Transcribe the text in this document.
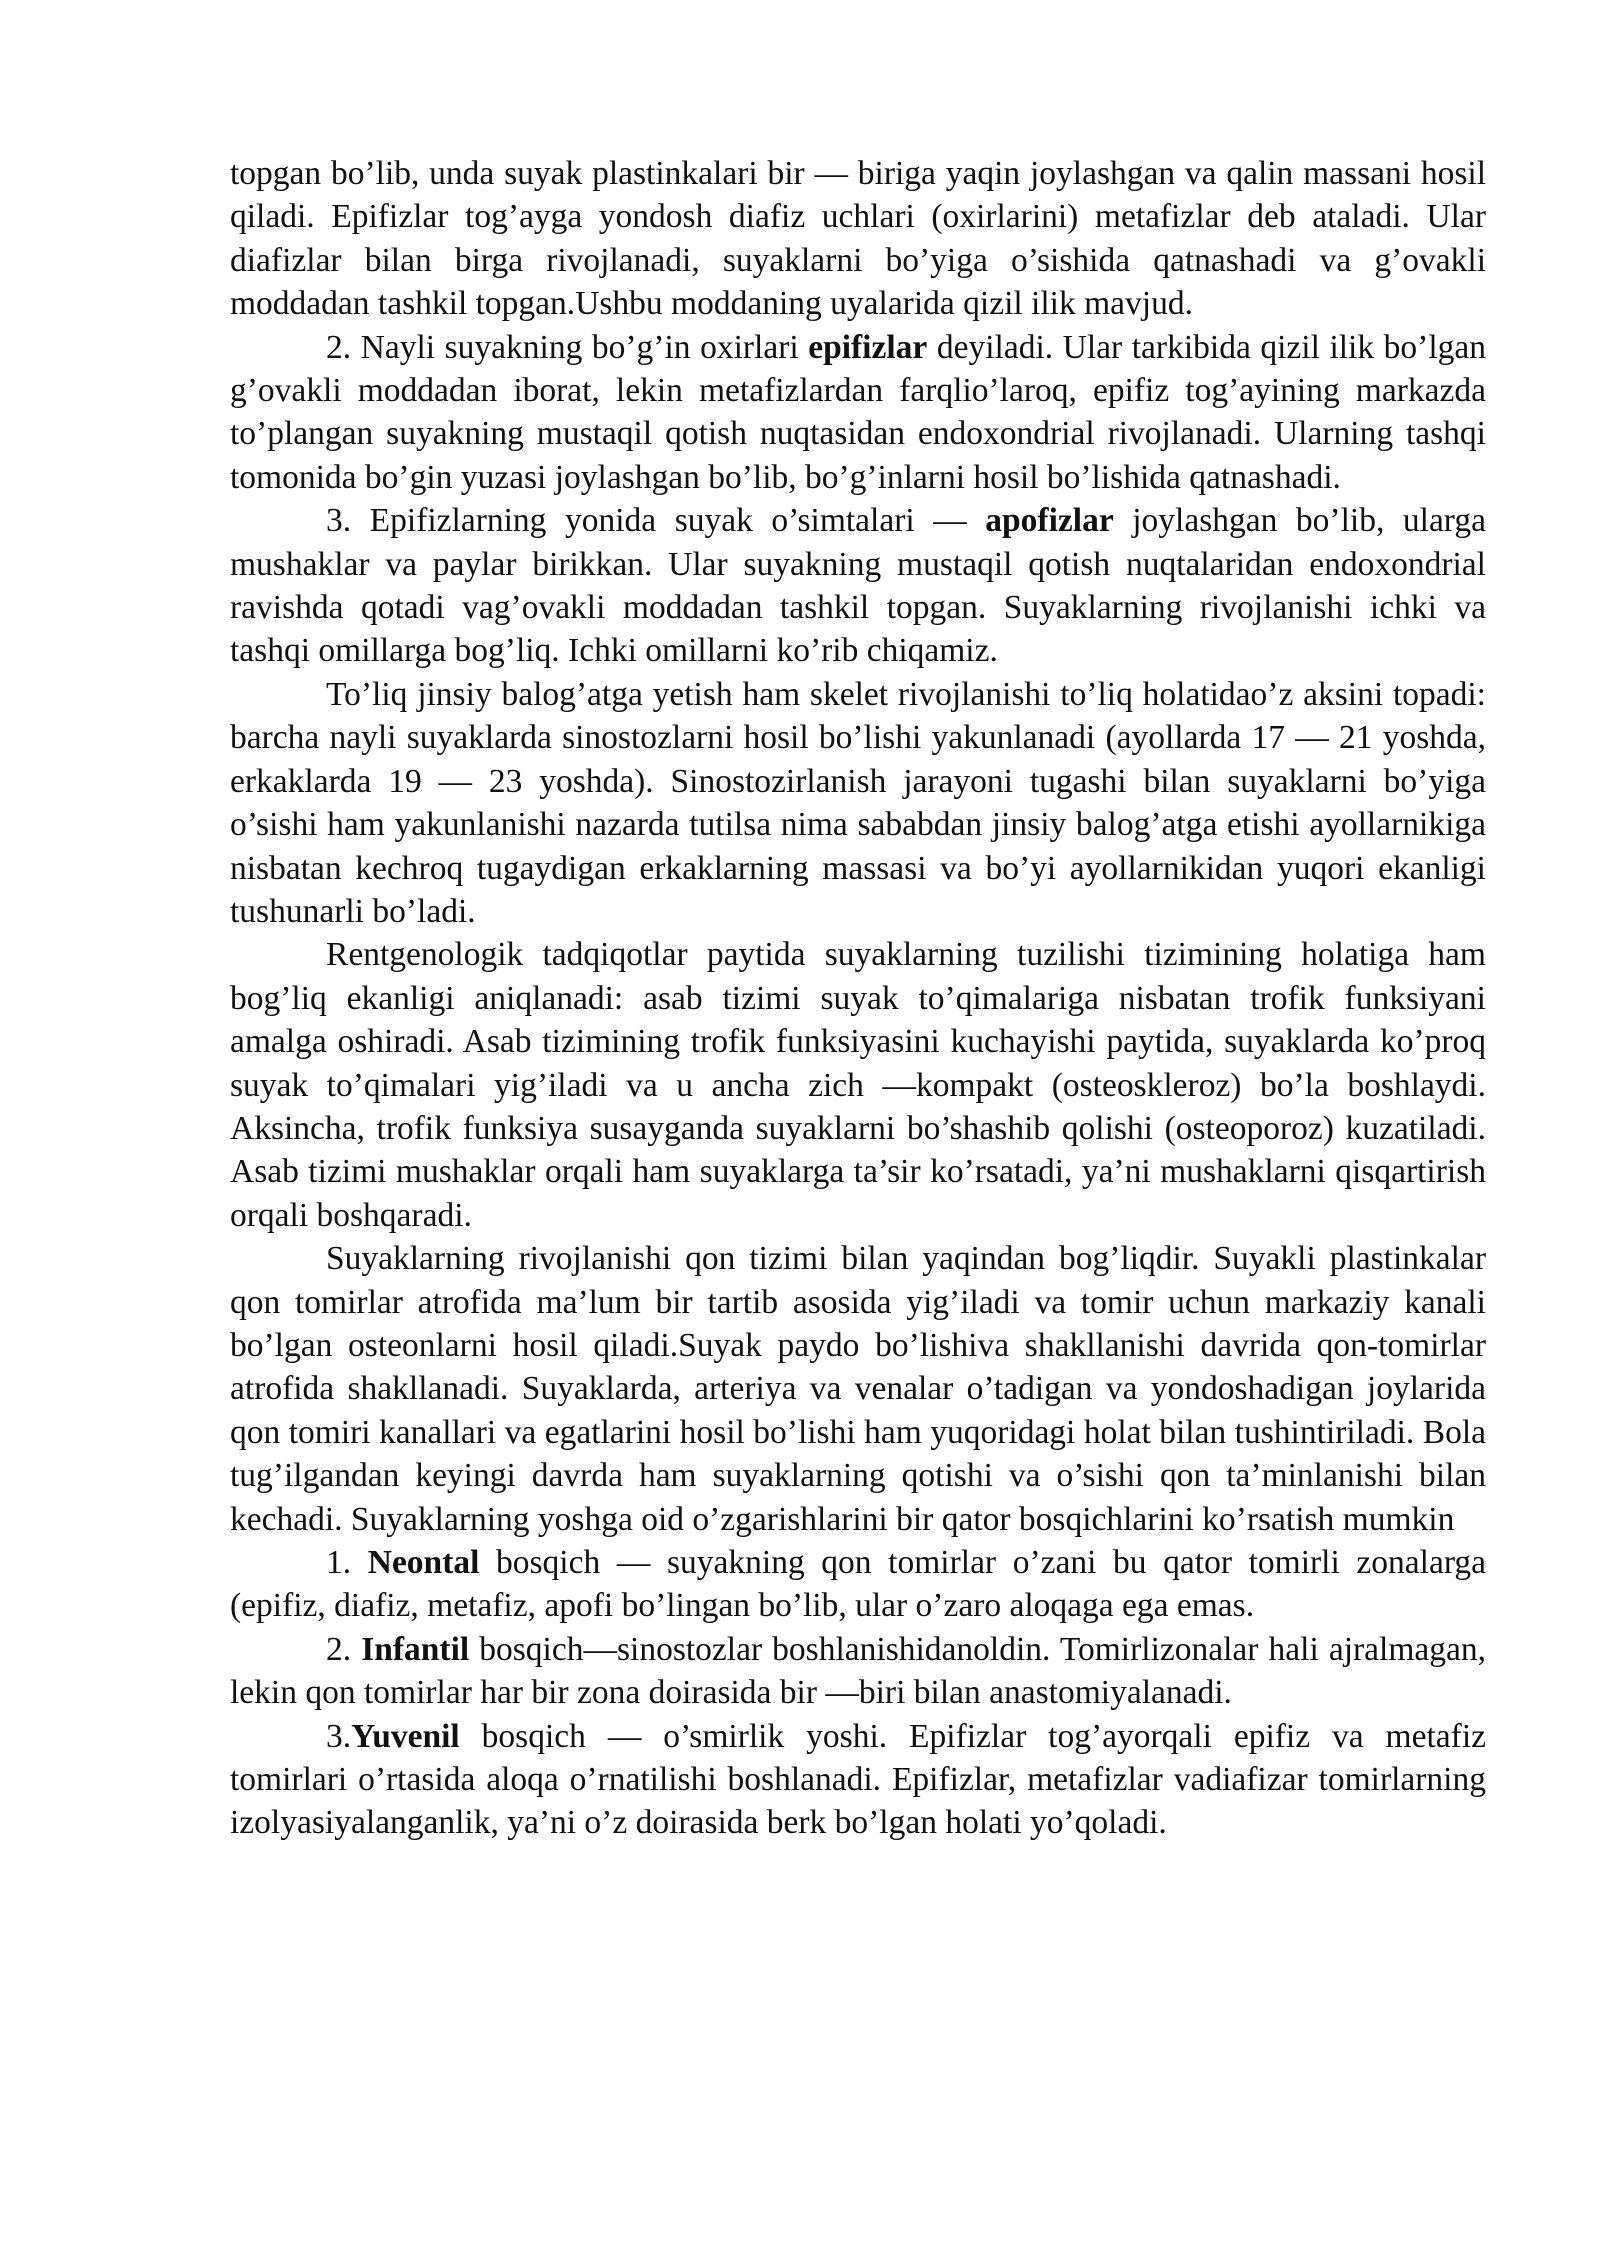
topgan bo’lib, unda suyak plastinkalari bir — biriga yaqin joylashgan va qalin massani hosil qiladi. Epifizlar tog’ayga yondosh diafiz uchlari (oxirlarini) metafizlar deb ataladi. Ular diafizlar bilan birga rivojlanadi, suyaklarni bo’yiga o’sishida qatnashadi va g’ovakli moddadan tashkil topgan.Ushbu moddaning uyalarida qizil ilik mavjud.

2. Nayli suyakning bo’g’in oxirlari epifizlar deyiladi. Ular tarkibida qizil ilik bo’lgan g’ovakli moddadan iborat, lekin metafizlardan farqlio’laroq, epifiz tog’ayining markazda to’plangan suyakning mustaqil qotish nuqtasidan endoxondrial rivojlanadi. Ularning tashqi tomonida bo’gin yuzasi joylashgan bo’lib, bo’g’inlarni hosil bo’lishida qatnashadi.

3. Epifizlarning yonida suyak o’simtalari — apofizlar joylashgan bo’lib, ularga mushaklar va paylar birikkan. Ular suyakning mustaqil qotish nuqtalaridan endoxondrial ravishda qotadi vag’ovakli moddadan tashkil topgan. Suyaklarning rivojlanishi ichki va tashqi omillarga bog’liq. Ichki omillarni ko’rib chiqamiz.

To’liq jinsiy balog’atga yetish ham skelet rivojlanishi to’liq holatidao’z aksini topadi: barcha nayli suyaklarda sinostozlarni hosil bo’lishi yakunlanadi (ayollarda 17 — 21 yoshda, erkaklarda 19 — 23 yoshda). Sinostozirlanish jarayoni tugashi bilan suyaklarni bo’yiga o’sishi ham yakunlanishi nazarda tutilsa nima sababdan jinsiy balog’atga etishi ayollarnikiga nisbatan kechroq tugaydigan erkaklarning massasi va bo’yi ayollarnikidan yuqori ekanligi tushunarli bo’ladi.

Rentgenologik tadqiqotlar paytida suyaklarning tuzilishi tizimining holatiga ham bog’liq ekanligi aniqlanadi: asab tizimi suyak to’qimalariga nisbatan trofik funksiyani amalga oshiradi. Asab tizimining trofik funksiyasini kuchayishi paytida, suyaklarda ko’proq suyak to’qimalari yig’iladi va u ancha zich —kompakt (osteoskleroz) bo’la boshlaydi. Aksincha, trofik funksiya susayganda suyaklarni bo’shashib qolishi (osteoporoz) kuzatiladi. Asab tizimi mushaklar orqali ham suyaklarga ta’sir ko’rsatadi, ya’ni mushaklarni qisqartirish orqali boshqaradi.

Suyaklarning rivojlanishi qon tizimi bilan yaqindan bog’liqdir. Suyakli plastinkalar qon tomirlar atrofida ma’lum bir tartib asosida yig’iladi va tomir uchun markaziy kanali bo’lgan osteonlarni hosil qiladi.Suyak paydo bo’lishiva shakllanishi davrida qon-tomirlar atrofida shakllanadi. Suyaklarda, arteriya va venalar o’tadigan va yondoshadigan joylarida qon tomiri kanallari va egatlarini hosil bo’lishi ham yuqoridagi holat bilan tushintiriladi. Bola tug’ilgandan keyingi davrda ham suyaklarning qotishi va o’sishi qon ta’minlanishi bilan kechadi. Suyaklarning yoshga oid o’zgarishlarini bir qator bosqichlarini ko’rsatish mumkin

1. Neontal bosqich — suyakning qon tomirlar o’zani bu qator tomirli zonalarga (epifiz, diafiz, metafiz, apofi bo’lingan bo’lib, ular o’zaro aloqaga ega emas.

2. Infantil bosqich—sinostozlar boshlanishidanoldin. Tomirlizonalar hali ajralmagan, lekin qon tomirlar har bir zona doirasida bir —biri bilan anastomiyalanadi.

3.Yuvenil bosqich — o’smirlik yoshi. Epifizlar tog’ayorqali epifiz va metafiz tomirlari o’rtasida aloqa o’rnatilishi boshlanadi. Epifizlar, metafizlar vadiafizar tomirlarning izolyasiyalanganlik, ya’ni o’z doirasida berk bo’lgan holati yo’qoladi.
